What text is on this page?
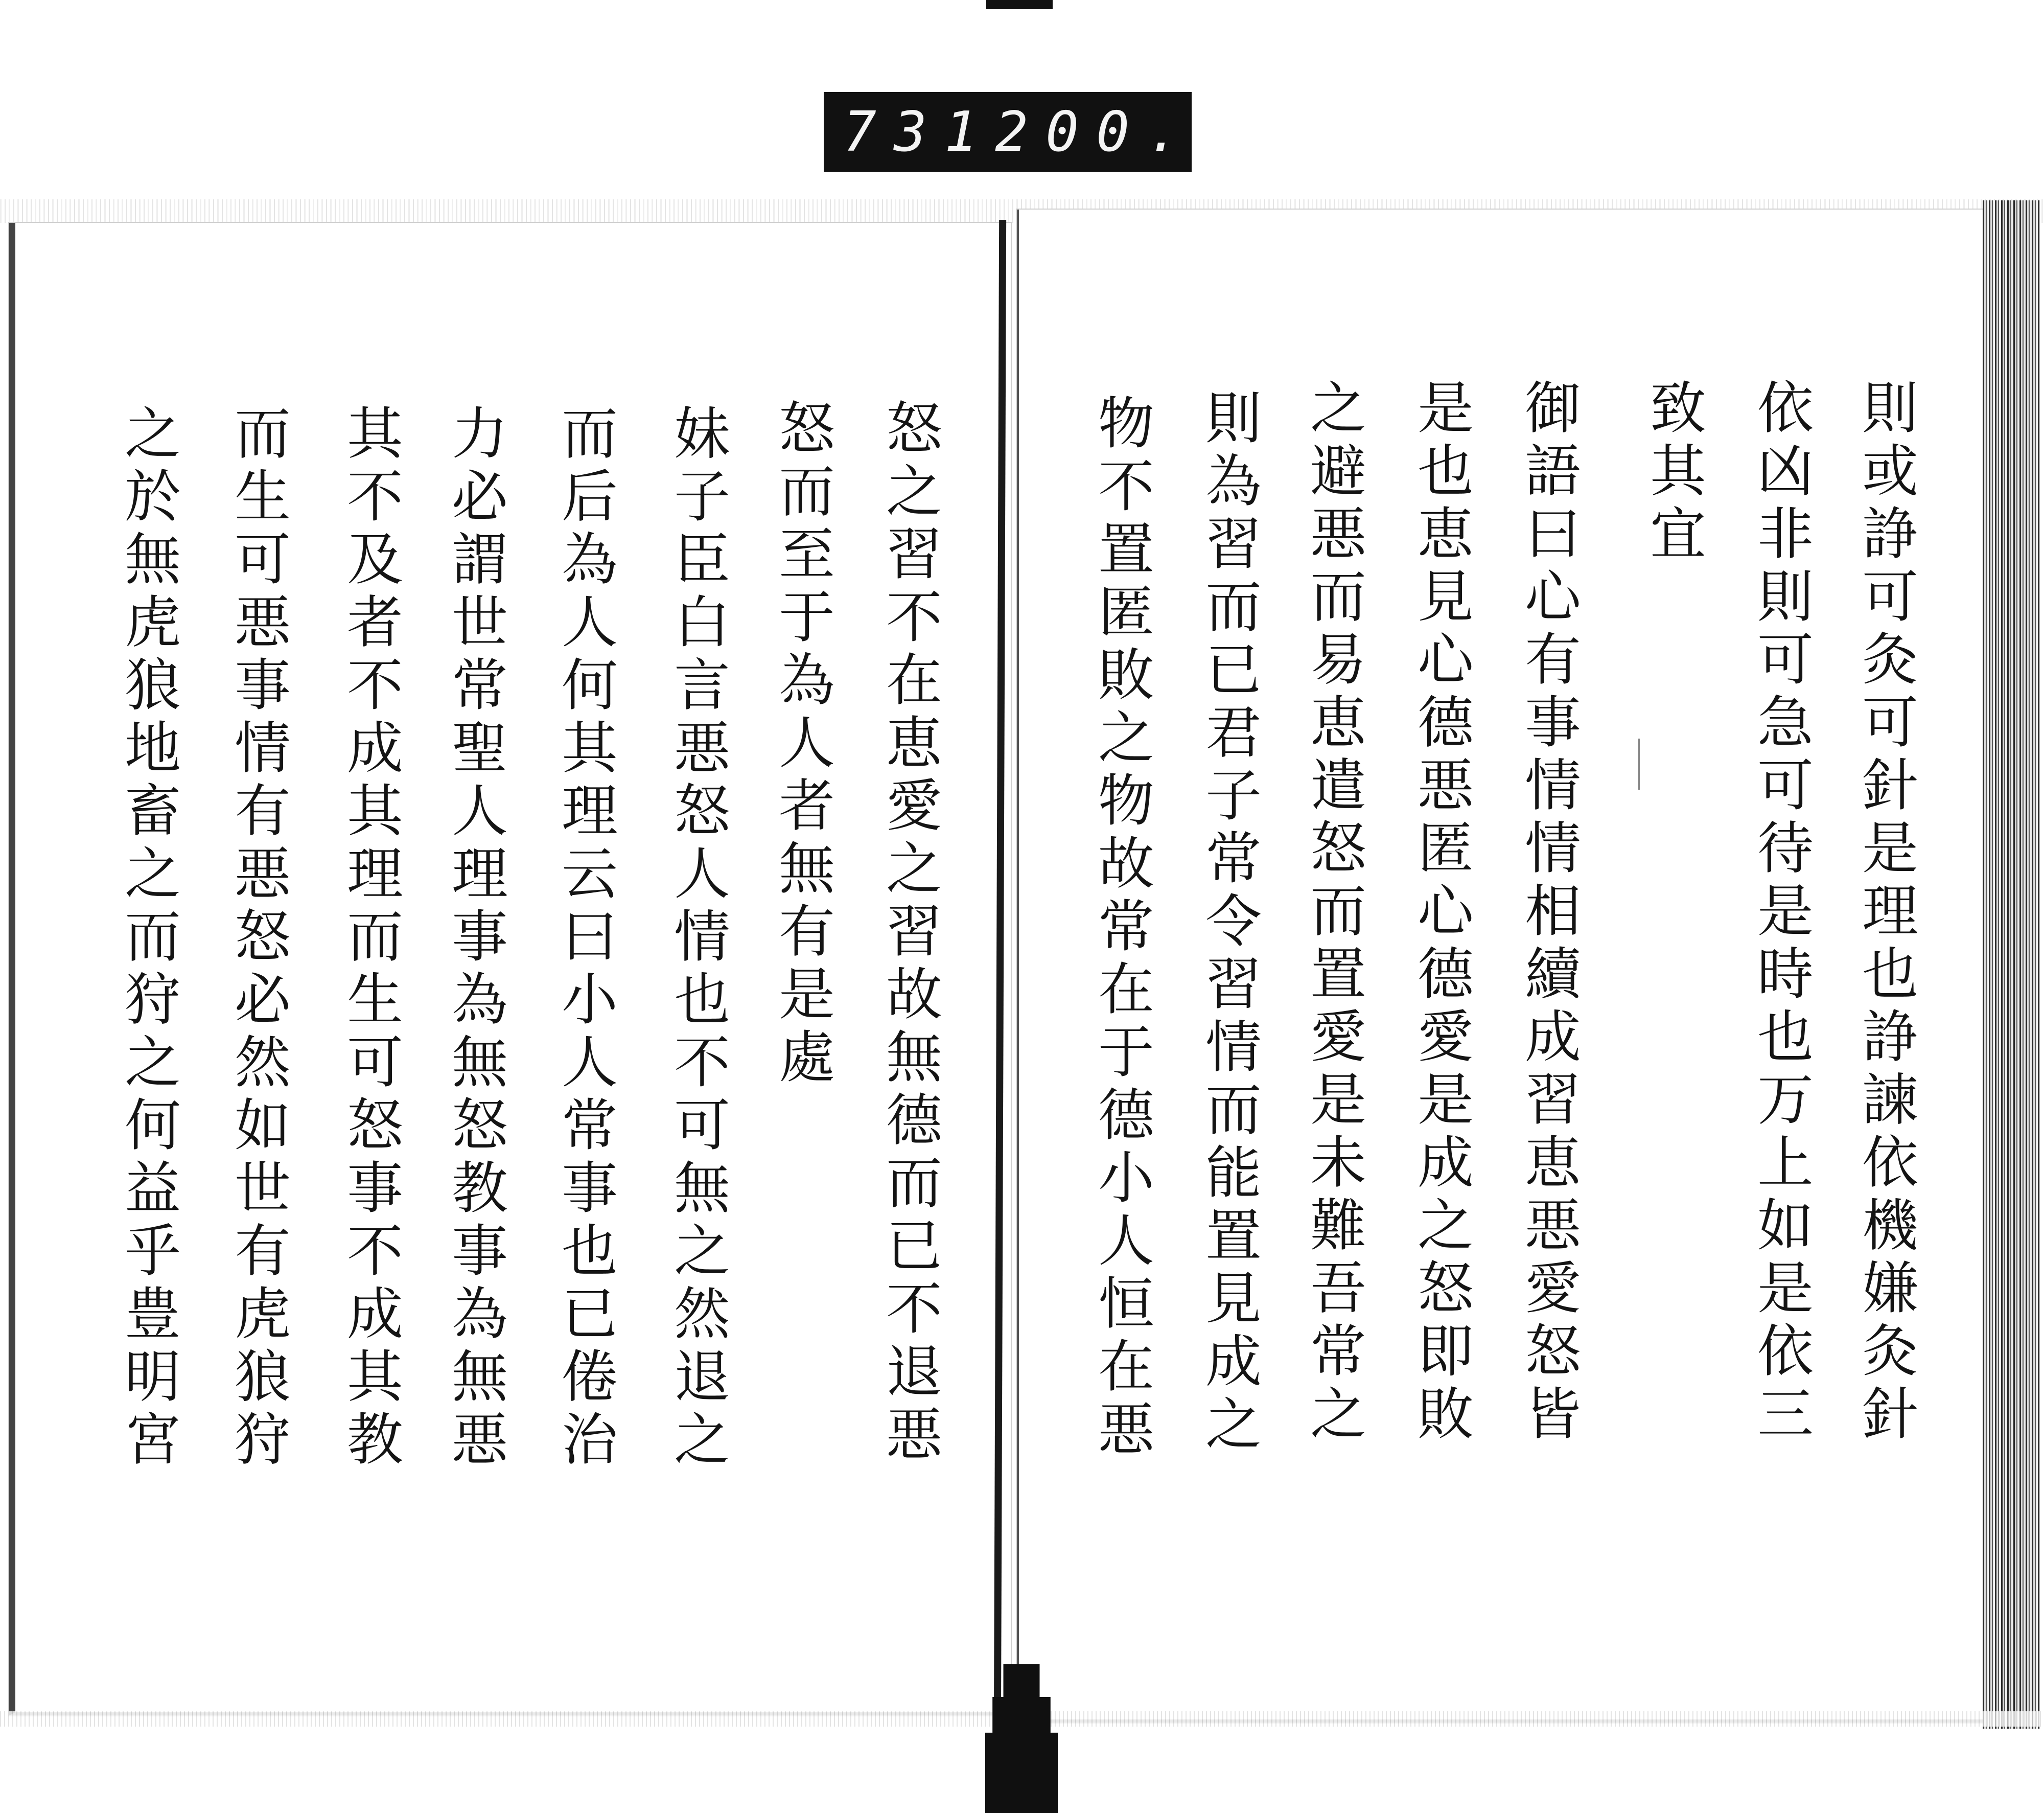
731 200.
則或諍可灸可針是理也諍諫依機嫌灸針
依凶非則可急可待是時也万上如是依三
致其宜
御語曰心有事情情相續成習恵悪愛怒皆
是也恵見心德悪匿心德愛是成之怒即敗
之避悪而易恵遣怒而置愛是未難吾常之
則為習而已君子常令習情而能置見成之
物不置匿敗之物故常在于德小人恒在悪
怒之習不在恵愛之習故無德而已不退悪
怒而至于為人者無有是處
妹子臣白言悪怒人情也不可無之然退之
而后為人何其理云曰小人常事也已倦治
力必謂世常聖人理事為無怒教事為無悪
其不及者不成其理而生可怒事不成其教
而生可悪事情有悪怒必然如世有虎狼狩
之於無虎狼地畜之而狩之何益乎豊明宮
